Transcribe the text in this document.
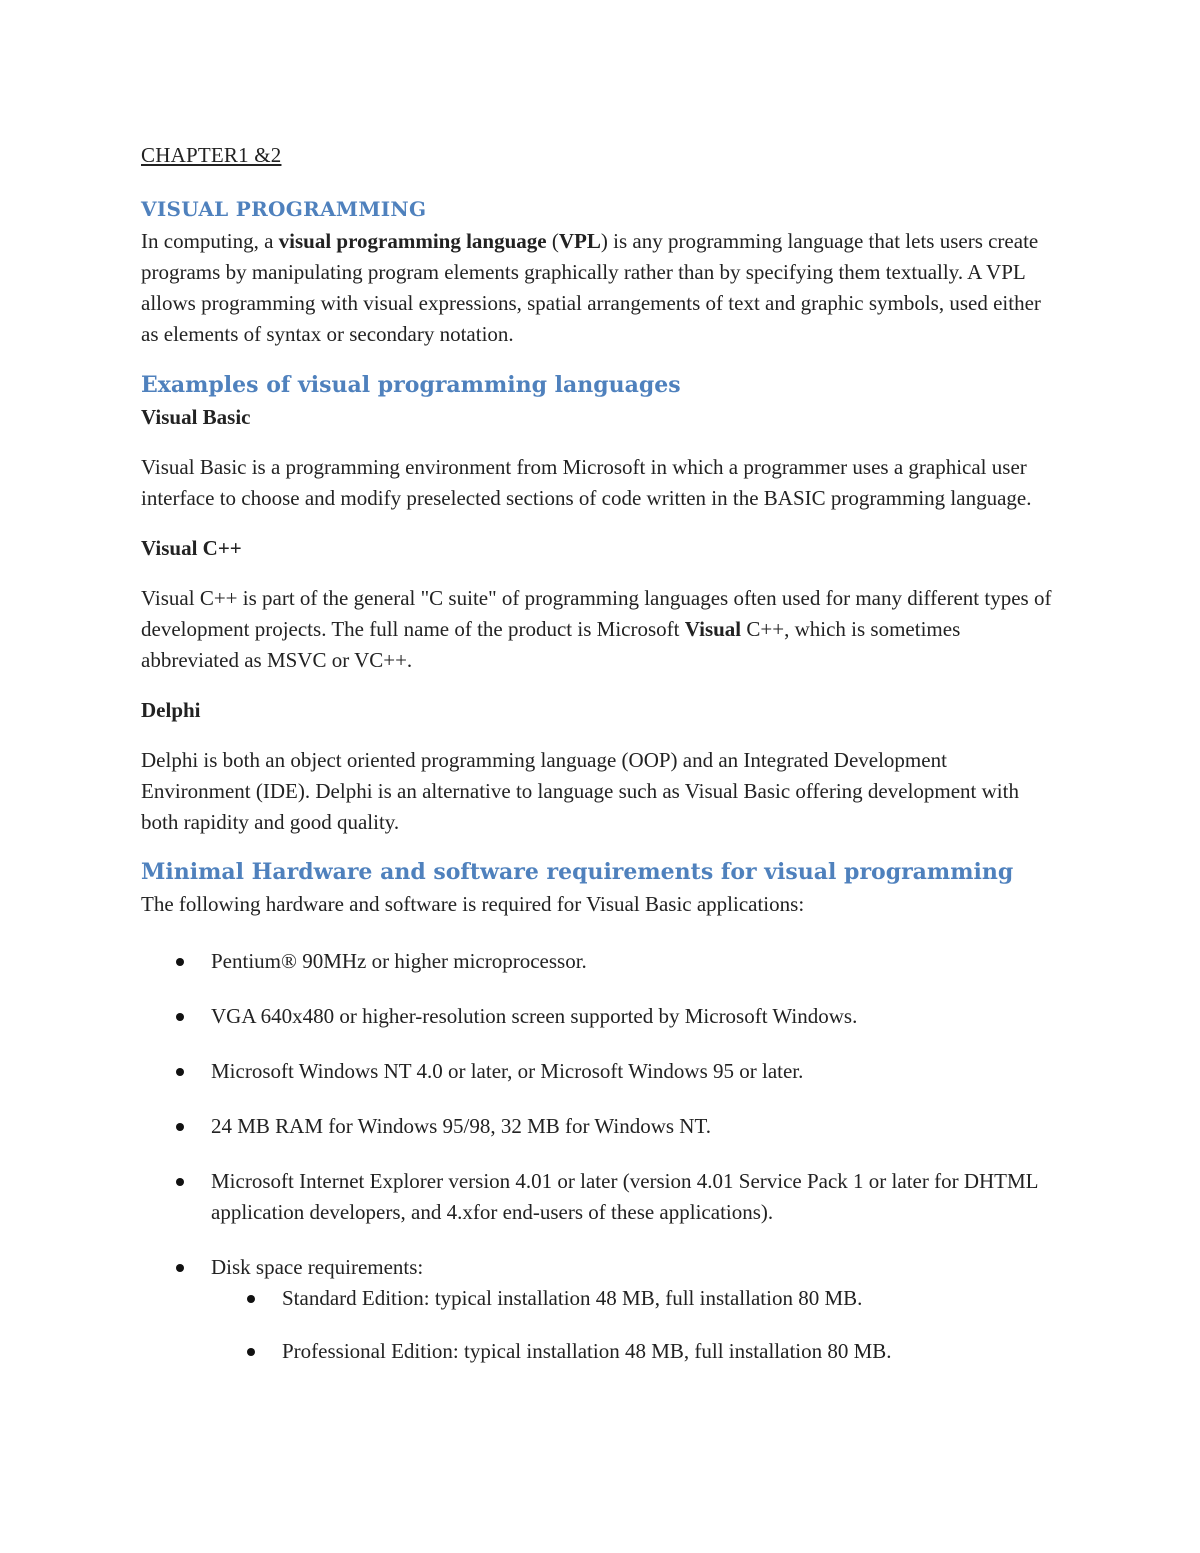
CHAPTER1 &2

VISUAL PROGRAMMING

In computing, a visual programming language (VPL) is any programming language that lets users create programs by manipulating program elements graphically rather than by specifying them textually. A VPL allows programming with visual expressions, spatial arrangements of text and graphic symbols, used either as elements of syntax or secondary notation.

Examples of visual programming languages

Visual Basic

Visual Basic is a programming environment from Microsoft in which a programmer uses a graphical user interface to choose and modify preselected sections of code written in the BASIC programming language.

Visual C++

Visual C++ is part of the general "C suite" of programming languages often used for many different types of development projects. The full name of the product is Microsoft Visual C++, which is sometimes abbreviated as MSVC or VC++.

Delphi

Delphi is both an object oriented programming language (OOP) and an Integrated Development Environment (IDE). Delphi is an alternative to language such as Visual Basic offering development with both rapidity and good quality.

Minimal Hardware and software requirements for visual programming

The following hardware and software is required for Visual Basic applications:

Pentium® 90MHz or higher microprocessor.
VGA 640x480 or higher-resolution screen supported by Microsoft Windows.
Microsoft Windows NT 4.0 or later, or Microsoft Windows 95 or later.
24 MB RAM for Windows 95/98, 32 MB for Windows NT.
Microsoft Internet Explorer version 4.01 or later (version 4.01 Service Pack 1 or later for DHTML application developers, and 4.xfor end-users of these applications).
Disk space requirements:
Standard Edition: typical installation 48 MB, full installation 80 MB.
Professional Edition: typical installation 48 MB, full installation 80 MB.
